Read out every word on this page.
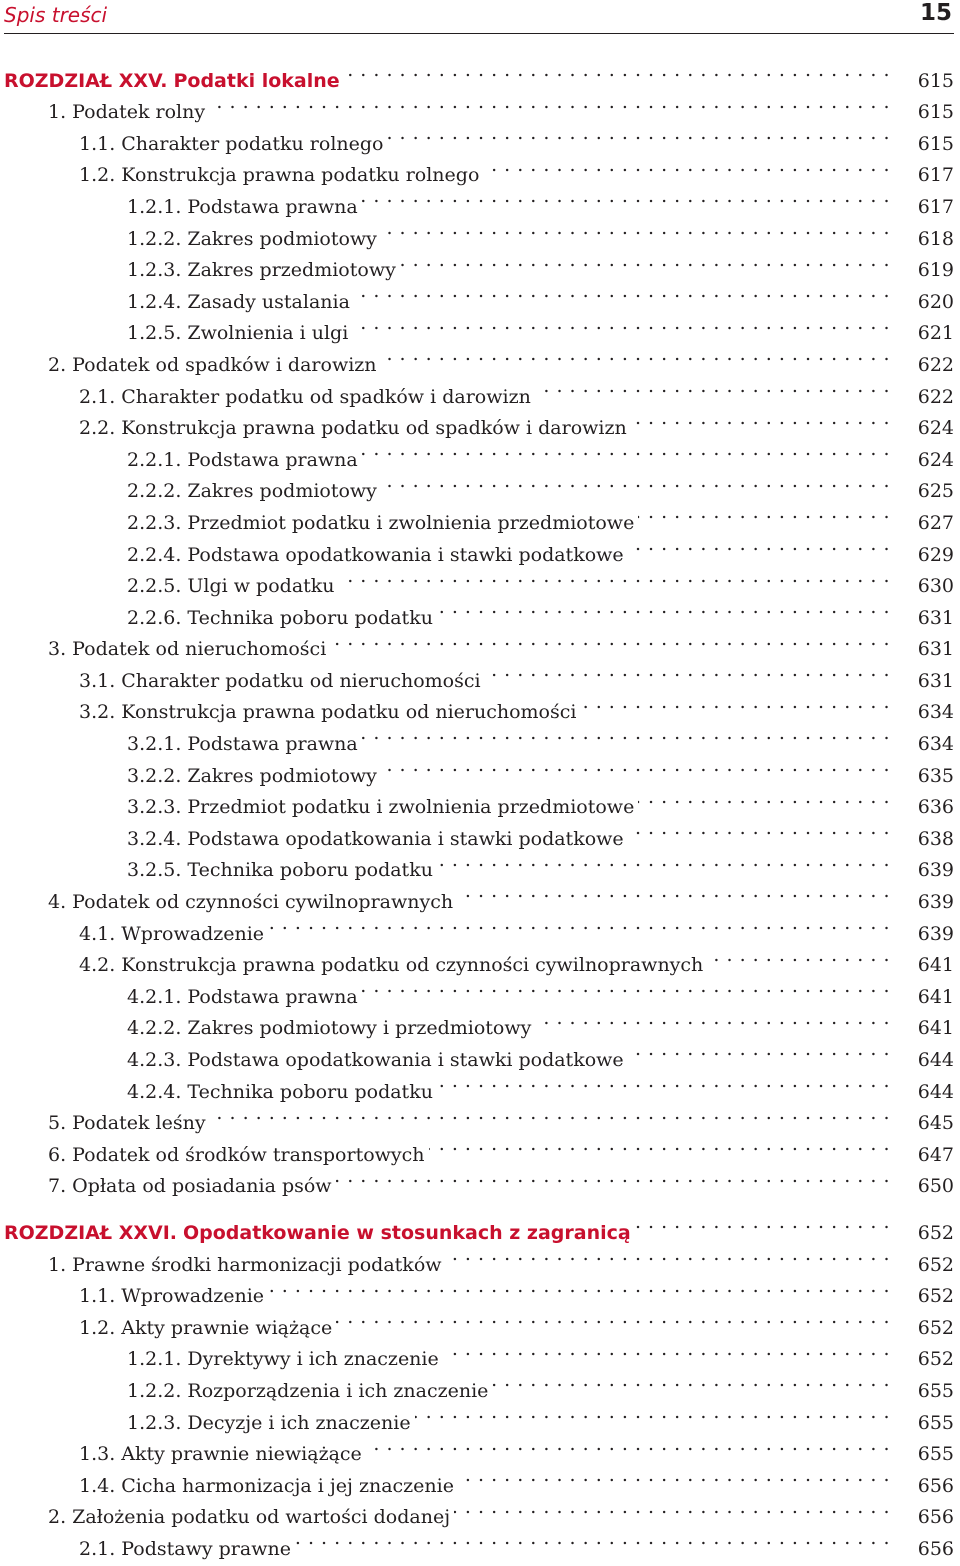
Spis treści	15
ROZDZIAŁ XXV. Podatki lokalne . . .	615
1. Podatek rolny . . .	615
1.1. Charakter podatku rolnego . . .	615
1.2. Konstrukcja prawna podatku rolnego . . .	617
1.2.1. Podstawa prawna . . .	617
1.2.2. Zakres podmiotowy . . .	618
1.2.3. Zakres przedmiotowy . . .	619
1.2.4. Zasady ustalania . . .	620
1.2.5. Zwolnienia i ulgi . . .	621
2. Podatek od spadków i darowizn . . .	622
2.1. Charakter podatku od spadków i darowizn . . .	622
2.2. Konstrukcja prawna podatku od spadków i darowizn . . .	624
2.2.1. Podstawa prawna . . .	624
2.2.2. Zakres podmiotowy . . .	625
2.2.3. Przedmiot podatku i zwolnienia przedmiotowe . . .	627
2.2.4. Podstawa opodatkowania i stawki podatkowe . . .	629
2.2.5. Ulgi w podatku . . .	630
2.2.6. Technika poboru podatku . . .	631
3. Podatek od nieruchomości . . .	631
3.1. Charakter podatku od nieruchomości . . .	631
3.2. Konstrukcja prawna podatku od nieruchomości . . .	634
3.2.1. Podstawa prawna . . .	634
3.2.2. Zakres podmiotowy . . .	635
3.2.3. Przedmiot podatku i zwolnienia przedmiotowe . . .	636
3.2.4. Podstawa opodatkowania i stawki podatkowe . . .	638
3.2.5. Technika poboru podatku . . .	639
4. Podatek od czynności cywilnoprawnych . . .	639
4.1. Wprowadzenie . . .	639
4.2. Konstrukcja prawna podatku od czynności cywilnoprawnych . . .	641
4.2.1. Podstawa prawna . . .	641
4.2.2. Zakres podmiotowy i przedmiotowy . . .	641
4.2.3. Podstawa opodatkowania i stawki podatkowe . . .	644
4.2.4. Technika poboru podatku . . .	644
5. Podatek leśny . . .	645
6. Podatek od środków transportowych . . .	647
7. Opłata od posiadania psów . . .	650
ROZDZIAŁ XXVI. Opodatkowanie w stosunkach z zagranicą . . .	652
1. Prawne środki harmonizacji podatków . . .	652
1.1. Wprowadzenie . . .	652
1.2. Akty prawnie wiążące . . .	652
1.2.1. Dyrektywy i ich znaczenie . . .	652
1.2.2. Rozporządzenia i ich znaczenie . . .	655
1.2.3. Decyzje i ich znaczenie . . .	655
1.3. Akty prawnie niewiążące . . .	655
1.4. Cicha harmonizacja i jej znaczenie . . .	656
2. Założenia podatku od wartości dodanej . . .	656
2.1. Podstawy prawne . . .	656
